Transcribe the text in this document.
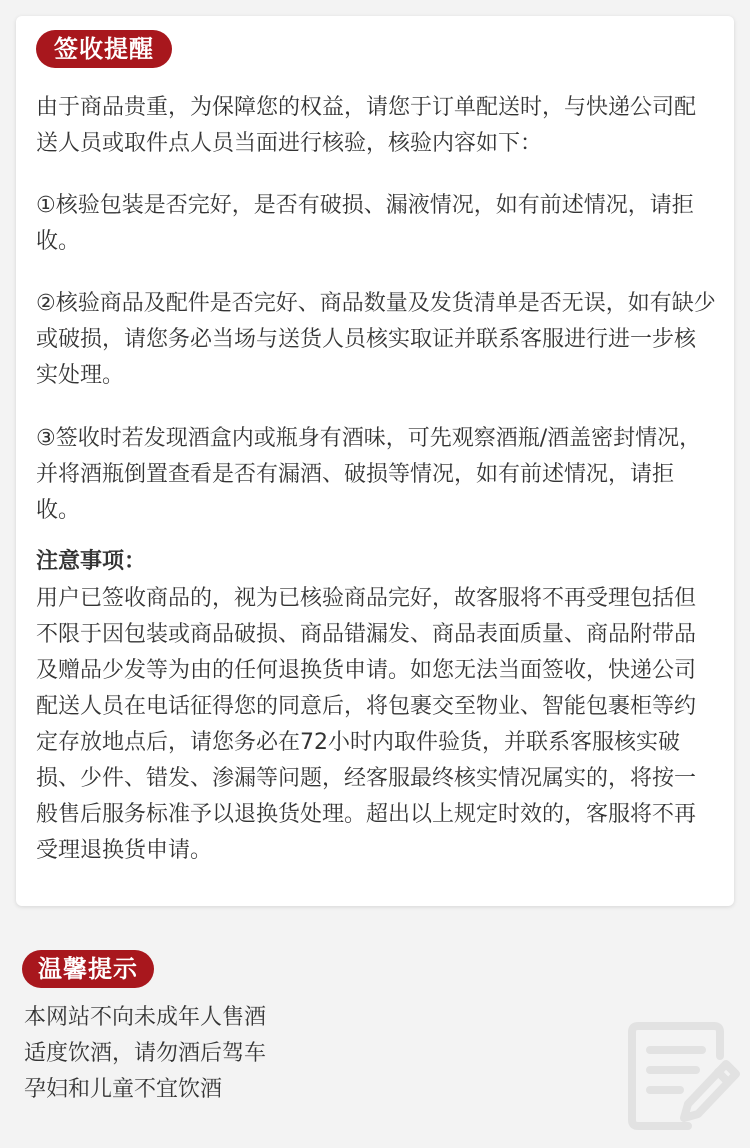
签收提醒

由于商品贵重，为保障您的权益，请您于订单配送时，与快递公司配送人员或取件点人员当面进行核验，核验内容如下：

①核验包装是否完好，是否有破损、漏液情况，如有前述情况，请拒收。

②核验商品及配件是否完好、商品数量及发货清单是否无误，如有缺少或破损，请您务必当场与送货人员核实取证并联系客服进行进一步核实处理。

③签收时若发现酒盒内或瓶身有酒味，可先观察酒瓶/酒盖密封情况，并将酒瓶倒置查看是否有漏酒、破损等情况，如有前述情况，请拒收。

注意事项：

用户已签收商品的，视为已核验商品完好，故客服将不再受理包括但不限于因包装或商品破损、商品错漏发、商品表面质量、商品附带品及赠品少发等为由的任何退换货申请。如您无法当面签收，快递公司配送人员在电话征得您的同意后，将包裹交至物业、智能包裹柜等约定存放地点后，请您务必在72小时内取件验货，并联系客服核实破损、少件、错发、渗漏等问题，经客服最终核实情况属实的，将按一般售后服务标准予以退换货处理。超出以上规定时效的，客服将不再受理退换货申请。

温馨提示
本网站不向未成年人售酒
适度饮酒，请勿酒后驾车
孕妇和儿童不宜饮酒
